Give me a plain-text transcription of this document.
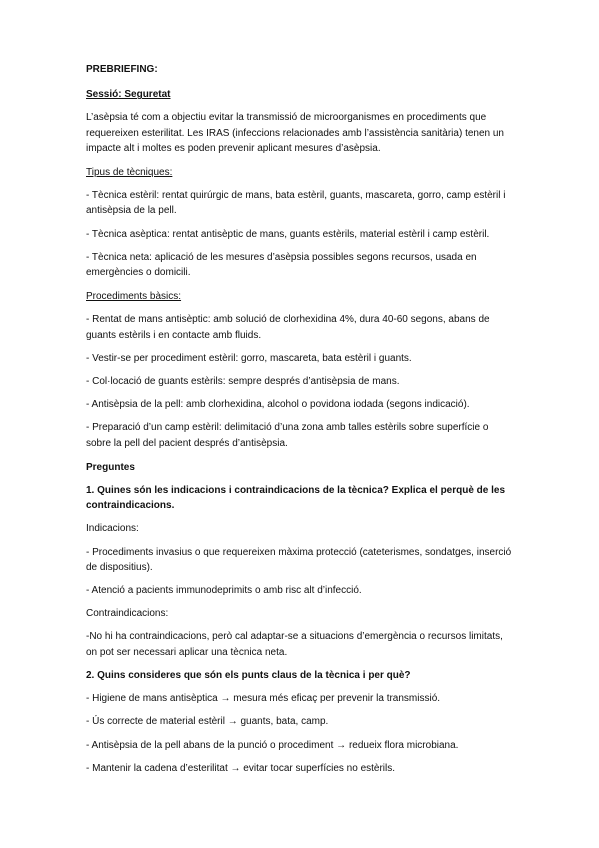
PREBRIEFING:

Sessió: Seguretat

L’asèpsia té com a objectiu evitar la transmissió de microorganismes en procediments que requereixen esterilitat. Les IRAS (infeccions relacionades amb l’assistència sanitària) tenen un impacte alt i moltes es poden prevenir aplicant mesures d’asèpsia.

Tipus de tècniques:

- Tècnica estèril: rentat quirúrgic de mans, bata estèril, guants, mascareta, gorro, camp estèril i antisèpsia de la pell.

- Tècnica asèptica: rentat antisèptic de mans, guants estèrils, material estèril i camp estèril.

- Tècnica neta: aplicació de les mesures d’asèpsia possibles segons recursos, usada en emergències o domicili.

Procediments bàsics:

- Rentat de mans antisèptic: amb solució de clorhexidina 4%, dura 40-60 segons, abans de guants estèrils i en contacte amb fluids.

- Vestir-se per procediment estèril: gorro, mascareta, bata estèril i guants.

- Col·locació de guants estèrils: sempre després d’antisèpsia de mans.

- Antisèpsia de la pell: amb clorhexidina, alcohol o povidona iodada (segons indicació).

- Preparació d’un camp estèril: delimitació d’una zona amb talles estèrils sobre superfície o sobre la pell del pacient després d’antisèpsia.

Preguntes

1. Quines són les indicacions i contraindicacions de la tècnica? Explica el perquè de les contraindicacions.

Indicacions:

- Procediments invasius o que requereixen màxima protecció (cateterismes, sondatges, inserció de dispositius).

- Atenció a pacients immunodeprimits o amb risc alt d’infecció.

Contraindicacions:

-No hi ha contraindicacions, però cal adaptar-se a situacions d’emergència o recursos limitats, on pot ser necessari aplicar una tècnica neta.

2. Quins consideres que són els punts claus de la tècnica i per què?

- Higiene de mans antisèptica → mesura més eficaç per prevenir la transmissió.

- Ús correcte de material estèril → guants, bata, camp.

- Antisèpsia de la pell abans de la punció o procediment → redueix flora microbiana.

- Mantenir la cadena d’esterilitat → evitar tocar superfícies no estèrils.
